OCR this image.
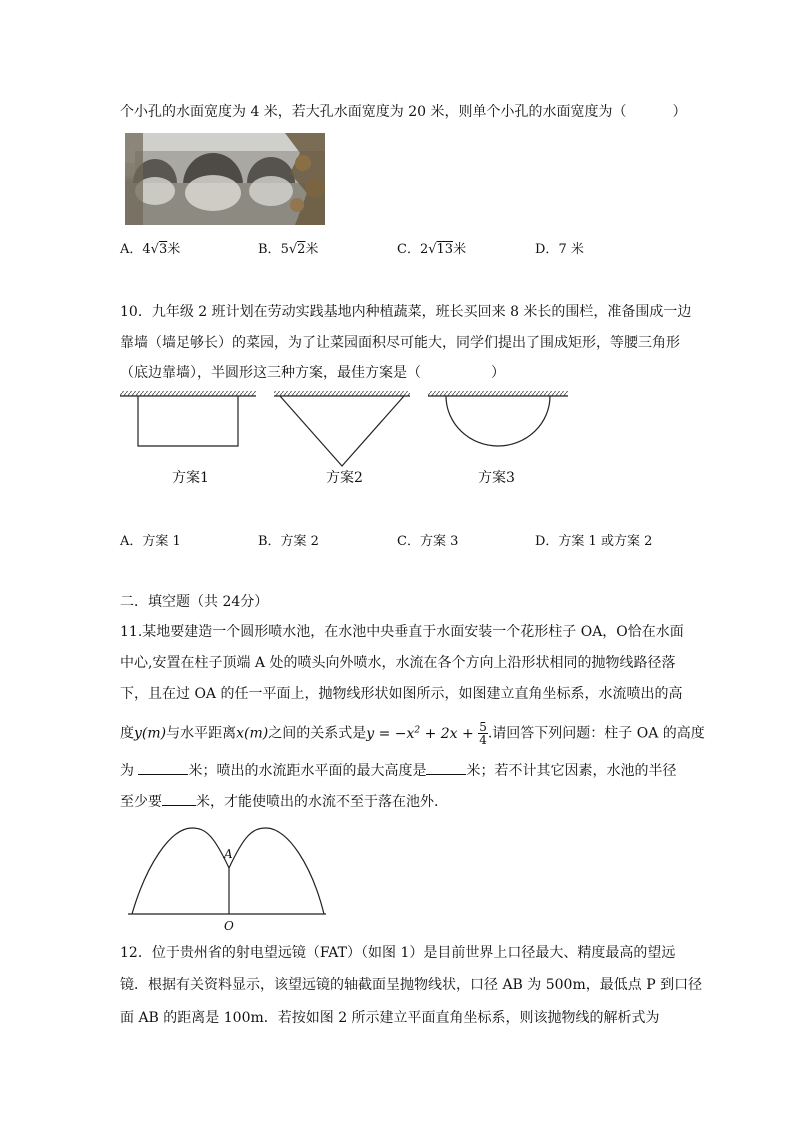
个小孔的水面宽度为 4 米，若大孔水面宽度为 20 米，则单个小孔的水面宽度为（	）
A．4√3米	B．5√2米	C．2√13米	D．7 米
10．九年级 2 班计划在劳动实践基地内种植蔬菜，班长买回来 8 米长的围栏，准备围成一边
靠墙（墙足够长）的菜园，为了让菜园面积尽可能大，同学们提出了围成矩形，等腰三角形
（底边靠墙），半圆形这三种方案，最佳方案是（	）
方案1	方案2	方案3
A．方案 1	B．方案 2	C．方案 3	D．方案 1 或方案 2
二．填空题（共 24分）
11.某地要建造一个圆形喷水池，在水池中央垂直于水面安装一个花形柱子 OA，O恰在水面
中心,安置在柱子顶端 A 处的喷头向外喷水，水流在各个方向上沿形状相同的抛物线路径落
下，且在过 OA 的任一平面上，抛物线形状如图所示，如图建立直角坐标系，水流喷出的高
度y(m)与水平距离x(m)之间的关系式是$y = -x^2 + 2x + \frac{5}{4}$ .请回答下列问题：柱子 OA 的高度
为	米；喷出的水流距水平面的最大高度是	米；若不计其它因素，水池的半径
至少要 米，才能使喷出的水流不至于落在池外.
A
O
12．位于贵州省的射电望远镜（FAT）（如图 1）是目前世界上口径最大、精度最高的望远
镜．根据有关资料显示，该望远镜的轴截面呈抛物线状，口径 AB 为 500m，最低点 P 到口径
面 AB 的距离是 100m．若按如图 2 所示建立平面直角坐标系，则该抛物线的解析式为
